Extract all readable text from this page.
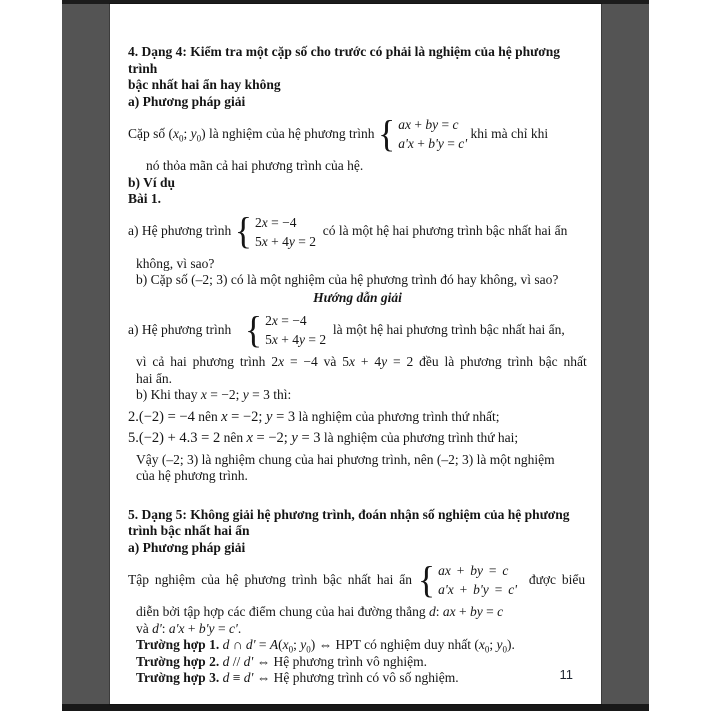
4. Dạng 4: Kiểm tra một cặp số cho trước có phải là nghiệm của hệ phương trình
bậc nhất hai ẩn hay không
a) Phương pháp giải
Cặp số ($x_0$; $y_0$) là nghiệm của hệ phương trình { ax + by = c
a'x + b'y = c'
khi mà chỉ khi
nó thỏa mãn cả hai phương trình của hệ.
b) Ví dụ
Bài 1.
a) Hệ phương trình { 2x = −4
5x + 4y = 2
có là một hệ hai phương trình bậc nhất hai ẩn
không, vì sao?
b) Cặp số (–2; 3) có là một nghiệm của hệ phương trình đó hay không, vì sao?
Hướng dẫn giải
a) Hệ phương trình { 2x = −4
5x + 4y = 2
là một hệ hai phương trình bậc nhất hai ẩn,
vì cả hai phương trình 2x = −4 và 5x + 4y = 2 đều là phương trình bậc nhất
hai ẩn.
b) Khi thay x = −2; y = 3 thì:
2.(−2) = −4 nên x = −2; y = 3 là nghiệm của phương trình thứ nhất;
5.(−2) + 4.3 = 2 nên x = −2; y = 3 là nghiệm của phương trình thứ hai;
Vậy (–2; 3) là nghiệm chung của hai phương trình, nên (–2; 3) là một nghiệm
của hệ phương trình.
5. Dạng 5: Không giải hệ phương trình, đoán nhận số nghiệm của hệ phương
trình bậc nhất hai ẩn
a) Phương pháp giải
Tập nghiệm của hệ phương trình bậc nhất hai ẩn { ax + by = c
a'x + b'y = c'
được biểu
diễn bởi tập hợp các điểm chung của hai đường thẳng d: ax + by = c
và d': a'x + b'y = c'.
Trường hợp 1. d ∩ $d' = A(x_0$; $y_0$) ⇔ HPT có nghiệm duy nhất ($x_0$; $y_0$).
Trường hợp 2. d // d' ⇔ Hệ phương trình vô nghiệm.
Trường hợp 3. d ≡ d' ⇔ Hệ phương trình có vô số nghiệm.	11
